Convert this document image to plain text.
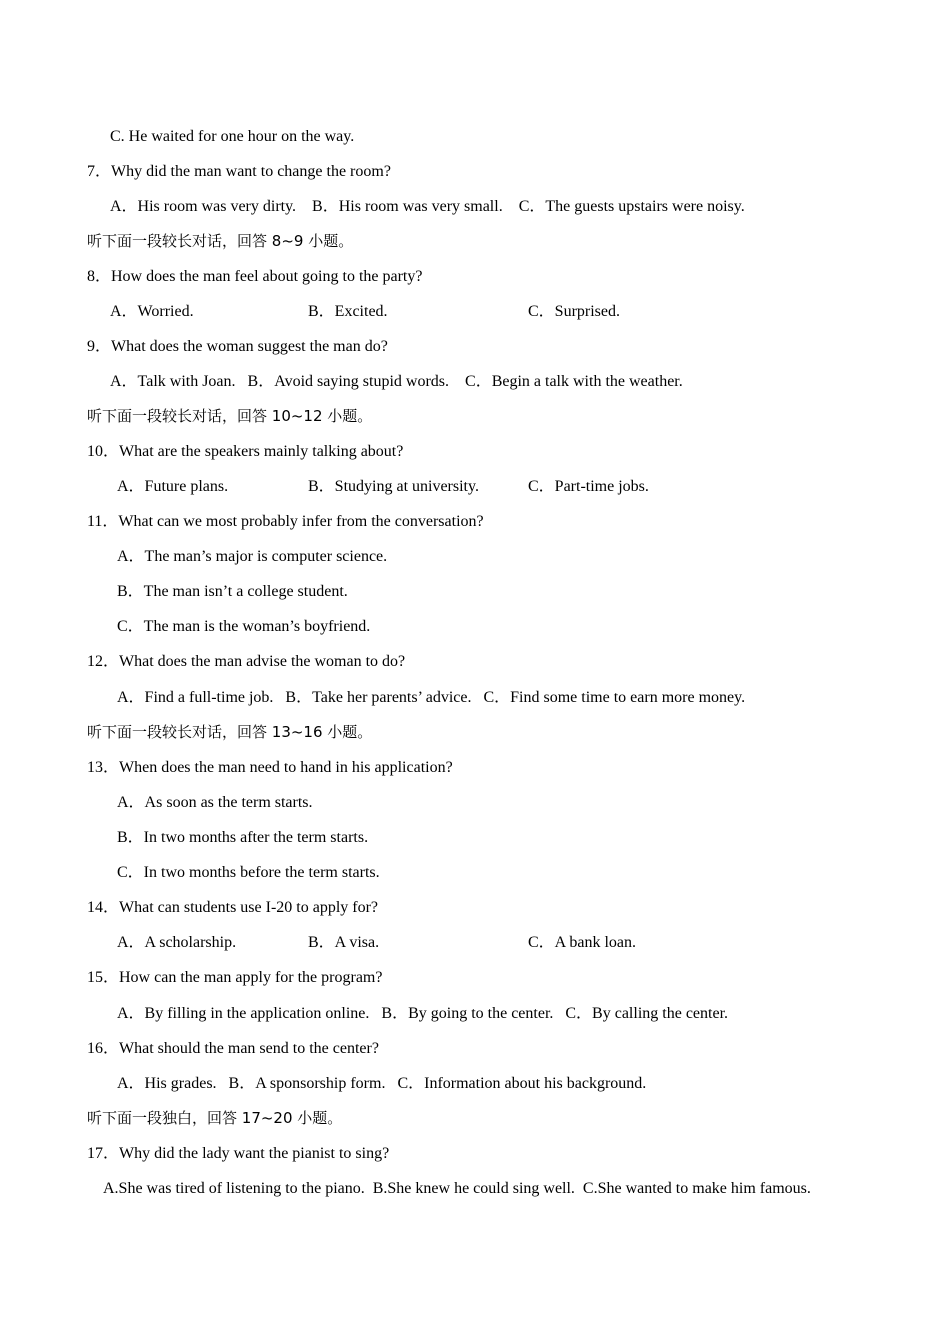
C. He waited for one hour on the way.
7．Why did the man want to change the room?
A．His room was very dirty.    B．His room was very small.    C．The guests upstairs were noisy.
听下面一段较长对话，回答 8~9 小题。
8．How does the man feel about going to the party?
A．Worried.	B．Excited.	C．Surprised.
9．What does the woman suggest the man do?
A．Talk with Joan.   B．Avoid saying stupid words.    C．Begin a talk with the weather.
听下面一段较长对话，回答 10~12 小题。
10．What are the speakers mainly talking about?
A．Future plans.	B．Studying at university.	C．Part-time jobs.
11．What can we most probably infer from the conversation?
A．The man’s major is computer science.
B．The man isn’t a college student.
C．The man is the woman’s boyfriend.
12．What does the man advise the woman to do?
A．Find a full-time job.   B．Take her parents’ advice.   C．Find some time to earn more money.
听下面一段较长对话，回答 13~16 小题。
13．When does the man need to hand in his application?
A．As soon as the term starts.
B．In two months after the term starts.
C．In two months before the term starts.
14．What can students use I-20 to apply for?
A．A scholarship.	B．A visa.	C．A bank loan.
15．How can the man apply for the program?
A．By filling in the application online.   B．By going to the center.   C．By calling the center.
16．What should the man send to the center?
A．His grades.   B．A sponsorship form.   C．Information about his background.
听下面一段独白，回答 17~20 小题。
17．Why did the lady want the pianist to sing?
A.She was tired of listening to the piano.  B.She knew he could sing well.  C.She wanted to make him famous.
